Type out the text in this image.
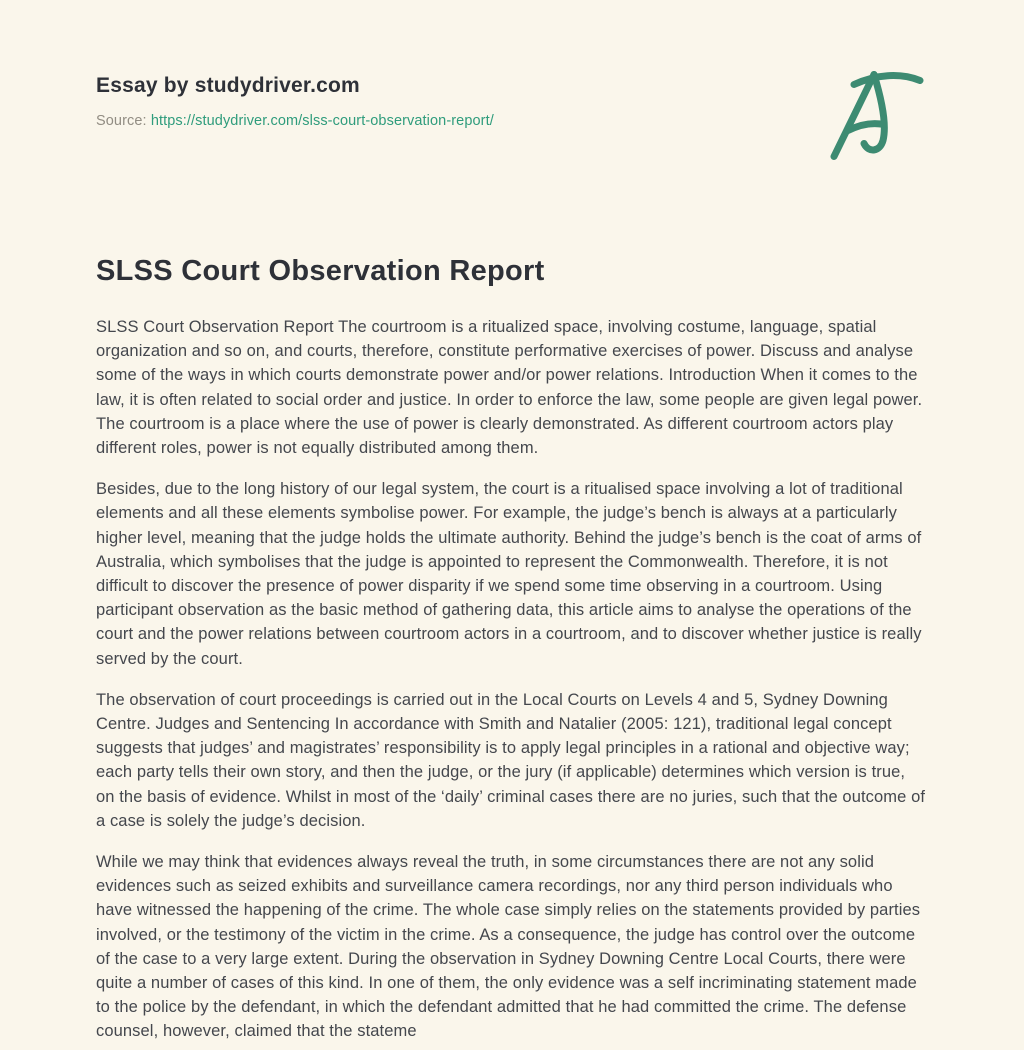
Essay by studydriver.com

Source: https://studydriver.com/slss-court-observation-report/

SLSS Court Observation Report

SLSS Court Observation Report The courtroom is a ritualized space, involving costume, language, spatial organization and so on, and courts, therefore, constitute performative exercises of power. Discuss and analyse some of the ways in which courts demonstrate power and/or power relations. Introduction When it comes to the law, it is often related to social order and justice. In order to enforce the law, some people are given legal power. The courtroom is a place where the use of power is clearly demonstrated. As different courtroom actors play different roles, power is not equally distributed among them.

Besides, due to the long history of our legal system, the court is a ritualised space involving a lot of traditional elements and all these elements symbolise power. For example, the judge’s bench is always at a particularly higher level, meaning that the judge holds the ultimate authority. Behind the judge’s bench is the coat of arms of Australia, which symbolises that the judge is appointed to represent the Commonwealth. Therefore, it is not difficult to discover the presence of power disparity if we spend some time observing in a courtroom. Using participant observation as the basic method of gathering data, this article aims to analyse the operations of the court and the power relations between courtroom actors in a courtroom, and to discover whether justice is really served by the court.

The observation of court proceedings is carried out in the Local Courts on Levels 4 and 5, Sydney Downing Centre. Judges and Sentencing In accordance with Smith and Natalier (2005: 121), traditional legal concept suggests that judges’ and magistrates’ responsibility is to apply legal principles in a rational and objective way; each party tells their own story, and then the judge, or the jury (if applicable) determines which version is true, on the basis of evidence. Whilst in most of the ‘daily’ criminal cases there are no juries, such that the outcome of a case is solely the judge’s decision.

While we may think that evidences always reveal the truth, in some circumstances there are not any solid evidences such as seized exhibits and surveillance camera recordings, nor any third person individuals who have witnessed the happening of the crime. The whole case simply relies on the statements provided by parties involved, or the testimony of the victim in the crime. As a consequence, the judge has control over the outcome of the case to a very large extent. During the observation in Sydney Downing Centre Local Courts, there were quite a number of cases of this kind. In one of them, the only evidence was a self incriminating statement made to the police by the defendant, in which the defendant admitted that he had committed the crime. The defense counsel, however, claimed that the stateme
